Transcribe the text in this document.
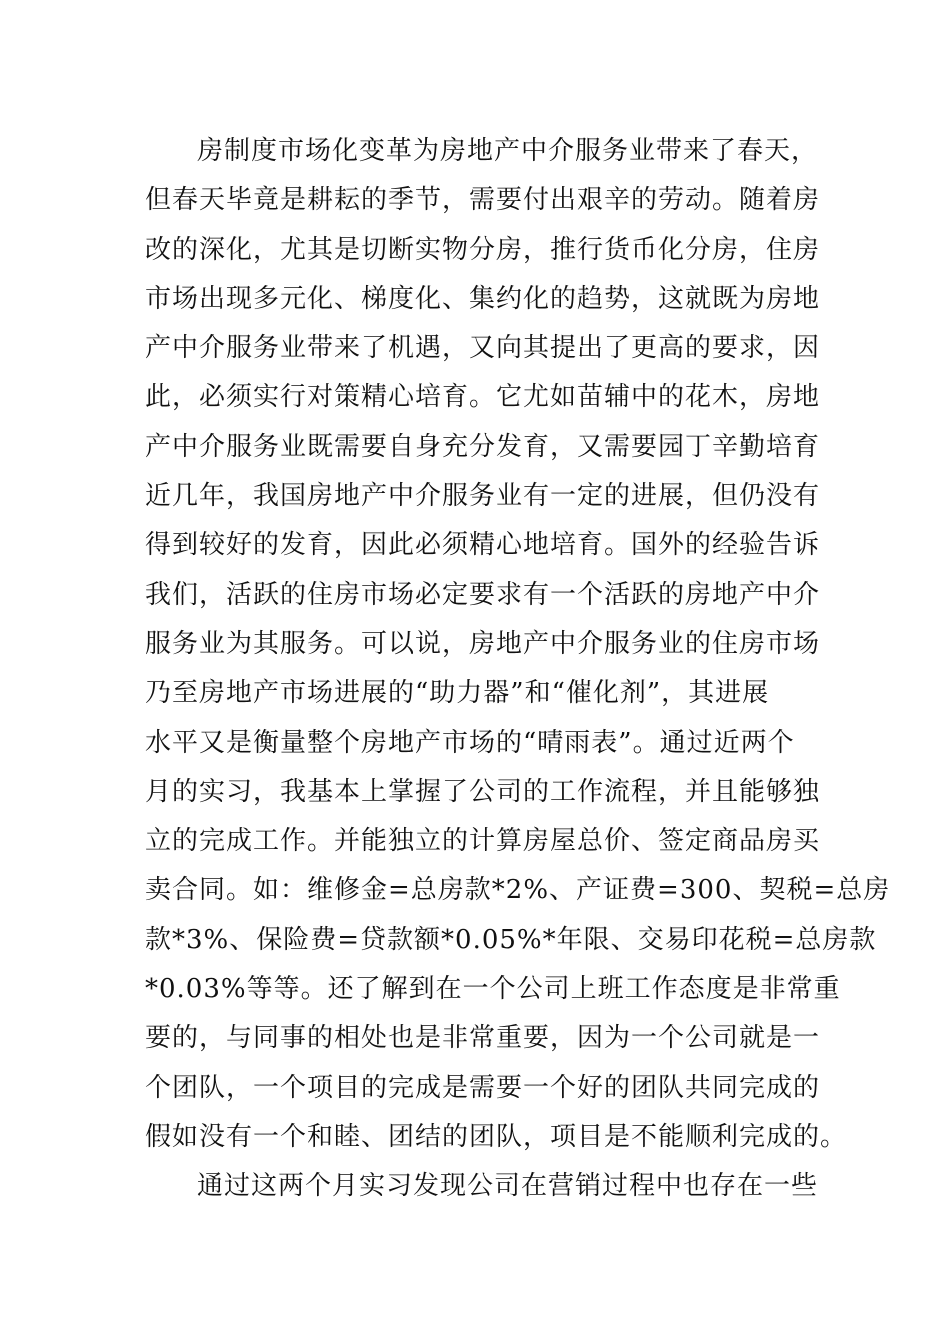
房制度市场化变革为房地产中介服务业带来了春天，
但春天毕竟是耕耘的季节，需要付出艰辛的劳动。随着房
改的深化，尤其是切断实物分房，推行货币化分房，住房
市场出现多元化、梯度化、集约化的趋势，这就既为房地
产中介服务业带来了机遇，又向其提出了更高的要求，因
此，必须实行对策精心培育。它尤如苗辅中的花木，房地
产中介服务业既需要自身充分发育，又需要园丁辛勤培育
近几年，我国房地产中介服务业有一定的进展，但仍没有
得到较好的发育，因此必须精心地培育。国外的经验告诉
我们，活跃的住房市场必定要求有一个活跃的房地产中介
服务业为其服务。可以说，房地产中介服务业的住房市场
乃至房地产市场进展的“助力器”和“催化剂”，其进展
水平又是衡量整个房地产市场的“晴雨表”。通过近两个
月的实习，我基本上掌握了公司的工作流程，并且能够独
立的完成工作。并能独立的计算房屋总价、签定商品房买
卖合同。如：维修金=总房款*2%、产证费=300、契税=总房
款*3%、保险费=贷款额*0.05%*年限、交易印花税=总房款
*0.03%等等。还了解到在一个公司上班工作态度是非常重
要的，与同事的相处也是非常重要，因为一个公司就是一
个团队，一个项目的完成是需要一个好的团队共同完成的
假如没有一个和睦、团结的团队，项目是不能顺利完成的。
通过这两个月实习发现公司在营销过程中也存在一些
